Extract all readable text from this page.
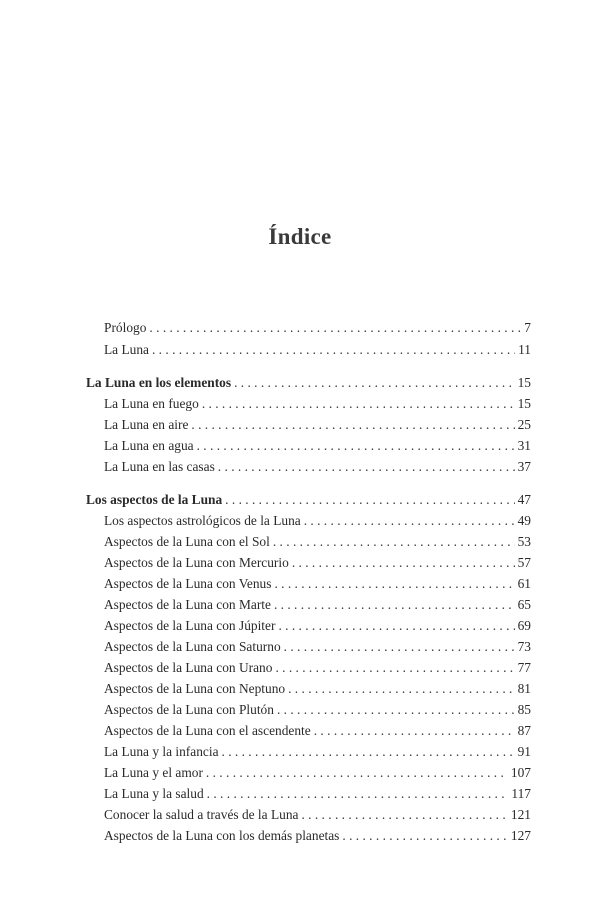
Índice
Prólogo . . .	7
La Luna . . .	11
La Luna en los elementos . . .	15
La Luna en fuego . . .	15
La Luna en aire . . .	25
La Luna en agua . . .	31
La Luna en las casas . . .	37
Los aspectos de la Luna . . .	47
Los aspectos astrológicos de la Luna . . .	49
Aspectos de la Luna con el Sol . . .	53
Aspectos de la Luna con Mercurio . . .	57
Aspectos de la Luna con Venus . . .	61
Aspectos de la Luna con Marte . . .	65
Aspectos de la Luna con Júpiter . . .	69
Aspectos de la Luna con Saturno . . .	73
Aspectos de la Luna con Urano . . .	77
Aspectos de la Luna con Neptuno . . .	81
Aspectos de la Luna con Plutón . . .	85
Aspectos de la Luna con el ascendente . . .	87
La Luna y la infancia . . .	91
La Luna y el amor . . .	107
La Luna y la salud . . .	117
Conocer la salud a través de la Luna . . .	121
Aspectos de la Luna con los demás planetas . . .	127
